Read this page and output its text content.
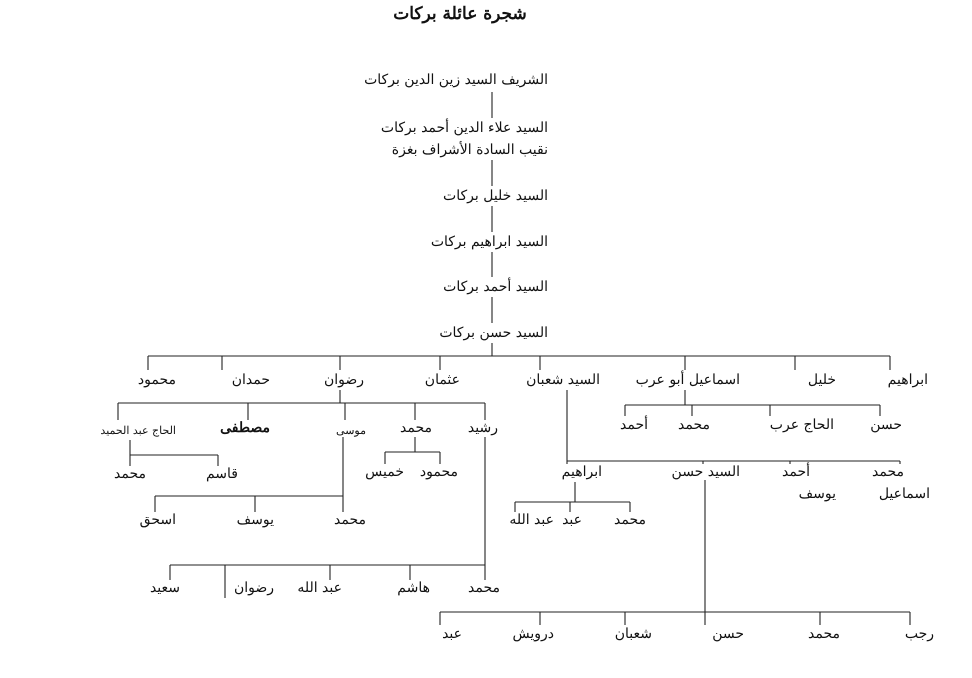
شجرة عائلة بركات
الشريف السيد زين الدين بركات
السيد علاء الدين أحمد بركات
نقيب السادة الأشراف بغزة
السيد خليل بركات
السيد ابراهيم بركات
السيد أحمد بركات
السيد حسن بركات
ابراهيم
خليل
اسماعيل أبو عرب
السيد شعبان
عثمان
رضوان
حمدان
محمود
حسن
الحاج عرب
محمد
أحمد
محمد
أحمد
السيد حسن
ابراهيم
اسماعيل
يوسف
محمد
عبد
عبد الله
رجب
محمد
حسن
شعبان
درويش
عبد
رشيد
محمد
موسى
مصطفى
الحاج عبد الحميد
محمود
خميس
قاسم
محمد
محمد
يوسف
اسحق
محمد
هاشم
عبد الله
رضوان
سعيد
